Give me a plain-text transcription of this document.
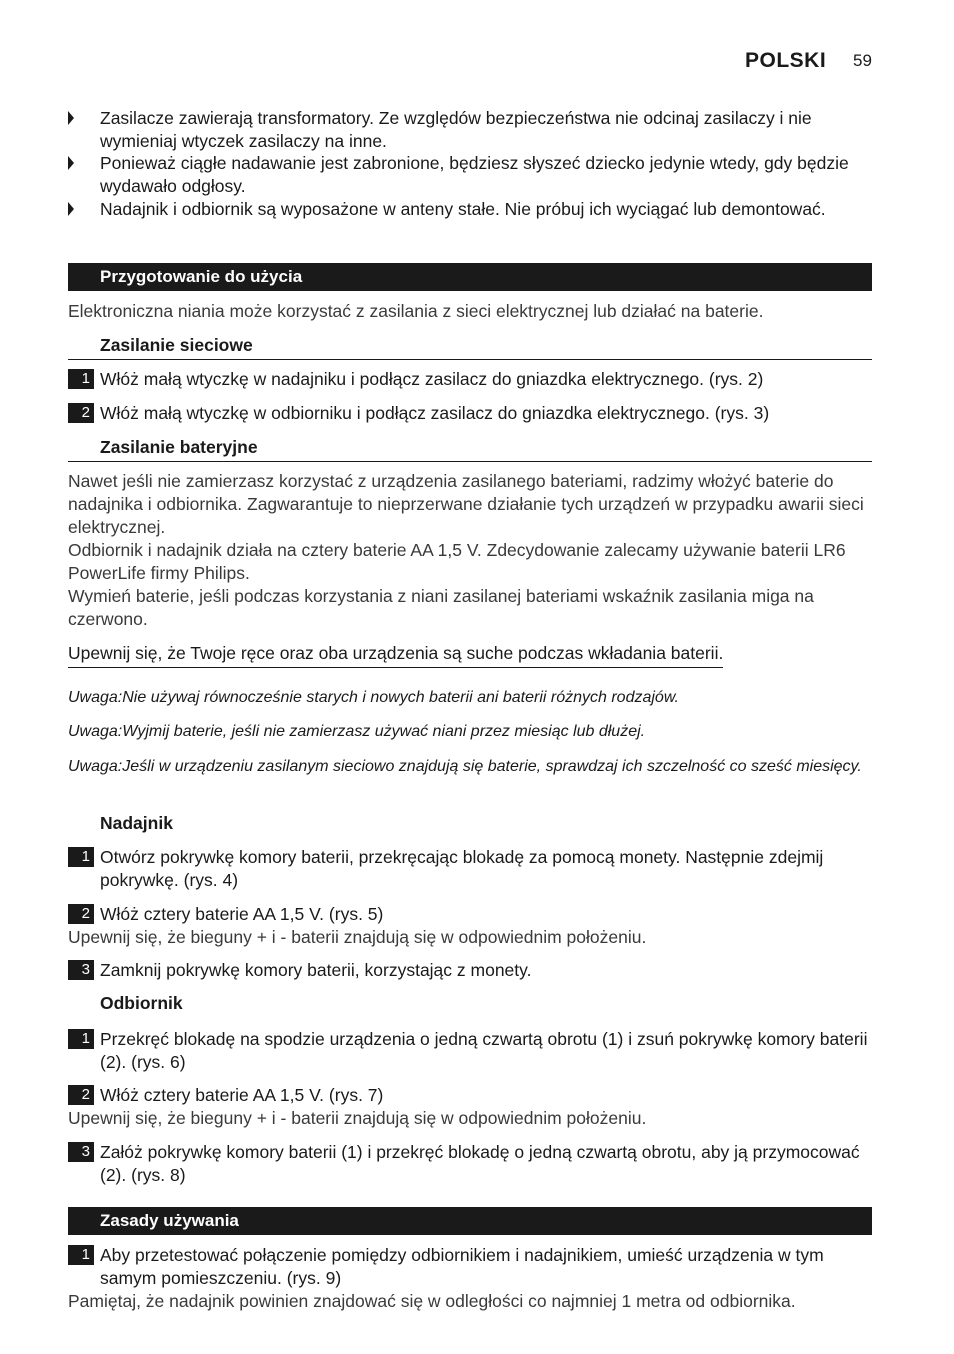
POLSKI 59
Zasilacze zawierają transformatory. Ze względów bezpieczeństwa nie odcinaj zasilaczy i nie wymieniaj wtyczek zasilaczy na inne.
Ponieważ ciągłe nadawanie jest zabronione, będziesz słyszeć dziecko jedynie wtedy, gdy będzie wydawało odgłosy.
Nadajnik i odbiornik są wyposażone w anteny stałe. Nie próbuj ich wyciągać lub demontować.
Przygotowanie do użycia
Elektroniczna niania może korzystać z zasilania z sieci elektrycznej lub działać na baterie.
Zasilanie sieciowe
1 Włóż małą wtyczkę w nadajniku i podłącz zasilacz do gniazdka elektrycznego. (rys. 2)
2 Włóż małą wtyczkę w odbiorniku i podłącz zasilacz do gniazdka elektrycznego. (rys. 3)
Zasilanie bateryjne
Nawet jeśli nie zamierzasz korzystać z urządzenia zasilanego bateriami, radzimy włożyć baterie do nadajnika i odbiornika. Zagwarantuje to nieprzerwane działanie tych urządzeń w przypadku awarii sieci elektrycznej.
Odbiornik i nadajnik działa na cztery baterie AA 1,5 V. Zdecydowanie zalecamy używanie baterii LR6 PowerLife firmy Philips.
Wymień baterie, jeśli podczas korzystania z niani zasilanej bateriami wskaźnik zasilania miga na czerwono.
Upewnij się, że Twoje ręce oraz oba urządzenia są suche podczas wkładania baterii.
Uwaga:Nie używaj równocześnie starych i nowych baterii ani baterii różnych rodzajów.
Uwaga:Wyjmij baterie, jeśli nie zamierzasz używać niani przez miesiąc lub dłużej.
Uwaga:Jeśli w urządzeniu zasilanym sieciowo znajdują się baterie, sprawdzaj ich szczelność co sześć miesięcy.
Nadajnik
1 Otwórz pokrywkę komory baterii, przekręcając blokadę za pomocą monety. Następnie zdejmij pokrywkę. (rys. 4)
2 Włóż cztery baterie AA 1,5 V. (rys. 5)
Upewnij się, że bieguny + i - baterii znajdują się w odpowiednim położeniu.
3 Zamknij pokrywkę komory baterii, korzystając z monety.
Odbiornik
1 Przekręć blokadę na spodzie urządzenia o jedną czwartą obrotu (1) i zsuń pokrywkę komory baterii (2). (rys. 6)
2 Włóż cztery baterie AA 1,5 V. (rys. 7)
Upewnij się, że bieguny + i - baterii znajdują się w odpowiednim położeniu.
3 Załóż pokrywkę komory baterii (1) i przekręć blokadę o jedną czwartą obrotu, aby ją przymocować (2). (rys. 8)
Zasady używania
1 Aby przetestować połączenie pomiędzy odbiornikiem i nadajnikiem, umieść urządzenia w tym samym pomieszczeniu. (rys. 9)
Pamiętaj, że nadajnik powinien znajdować się w odległości co najmniej 1 metra od odbiornika.
